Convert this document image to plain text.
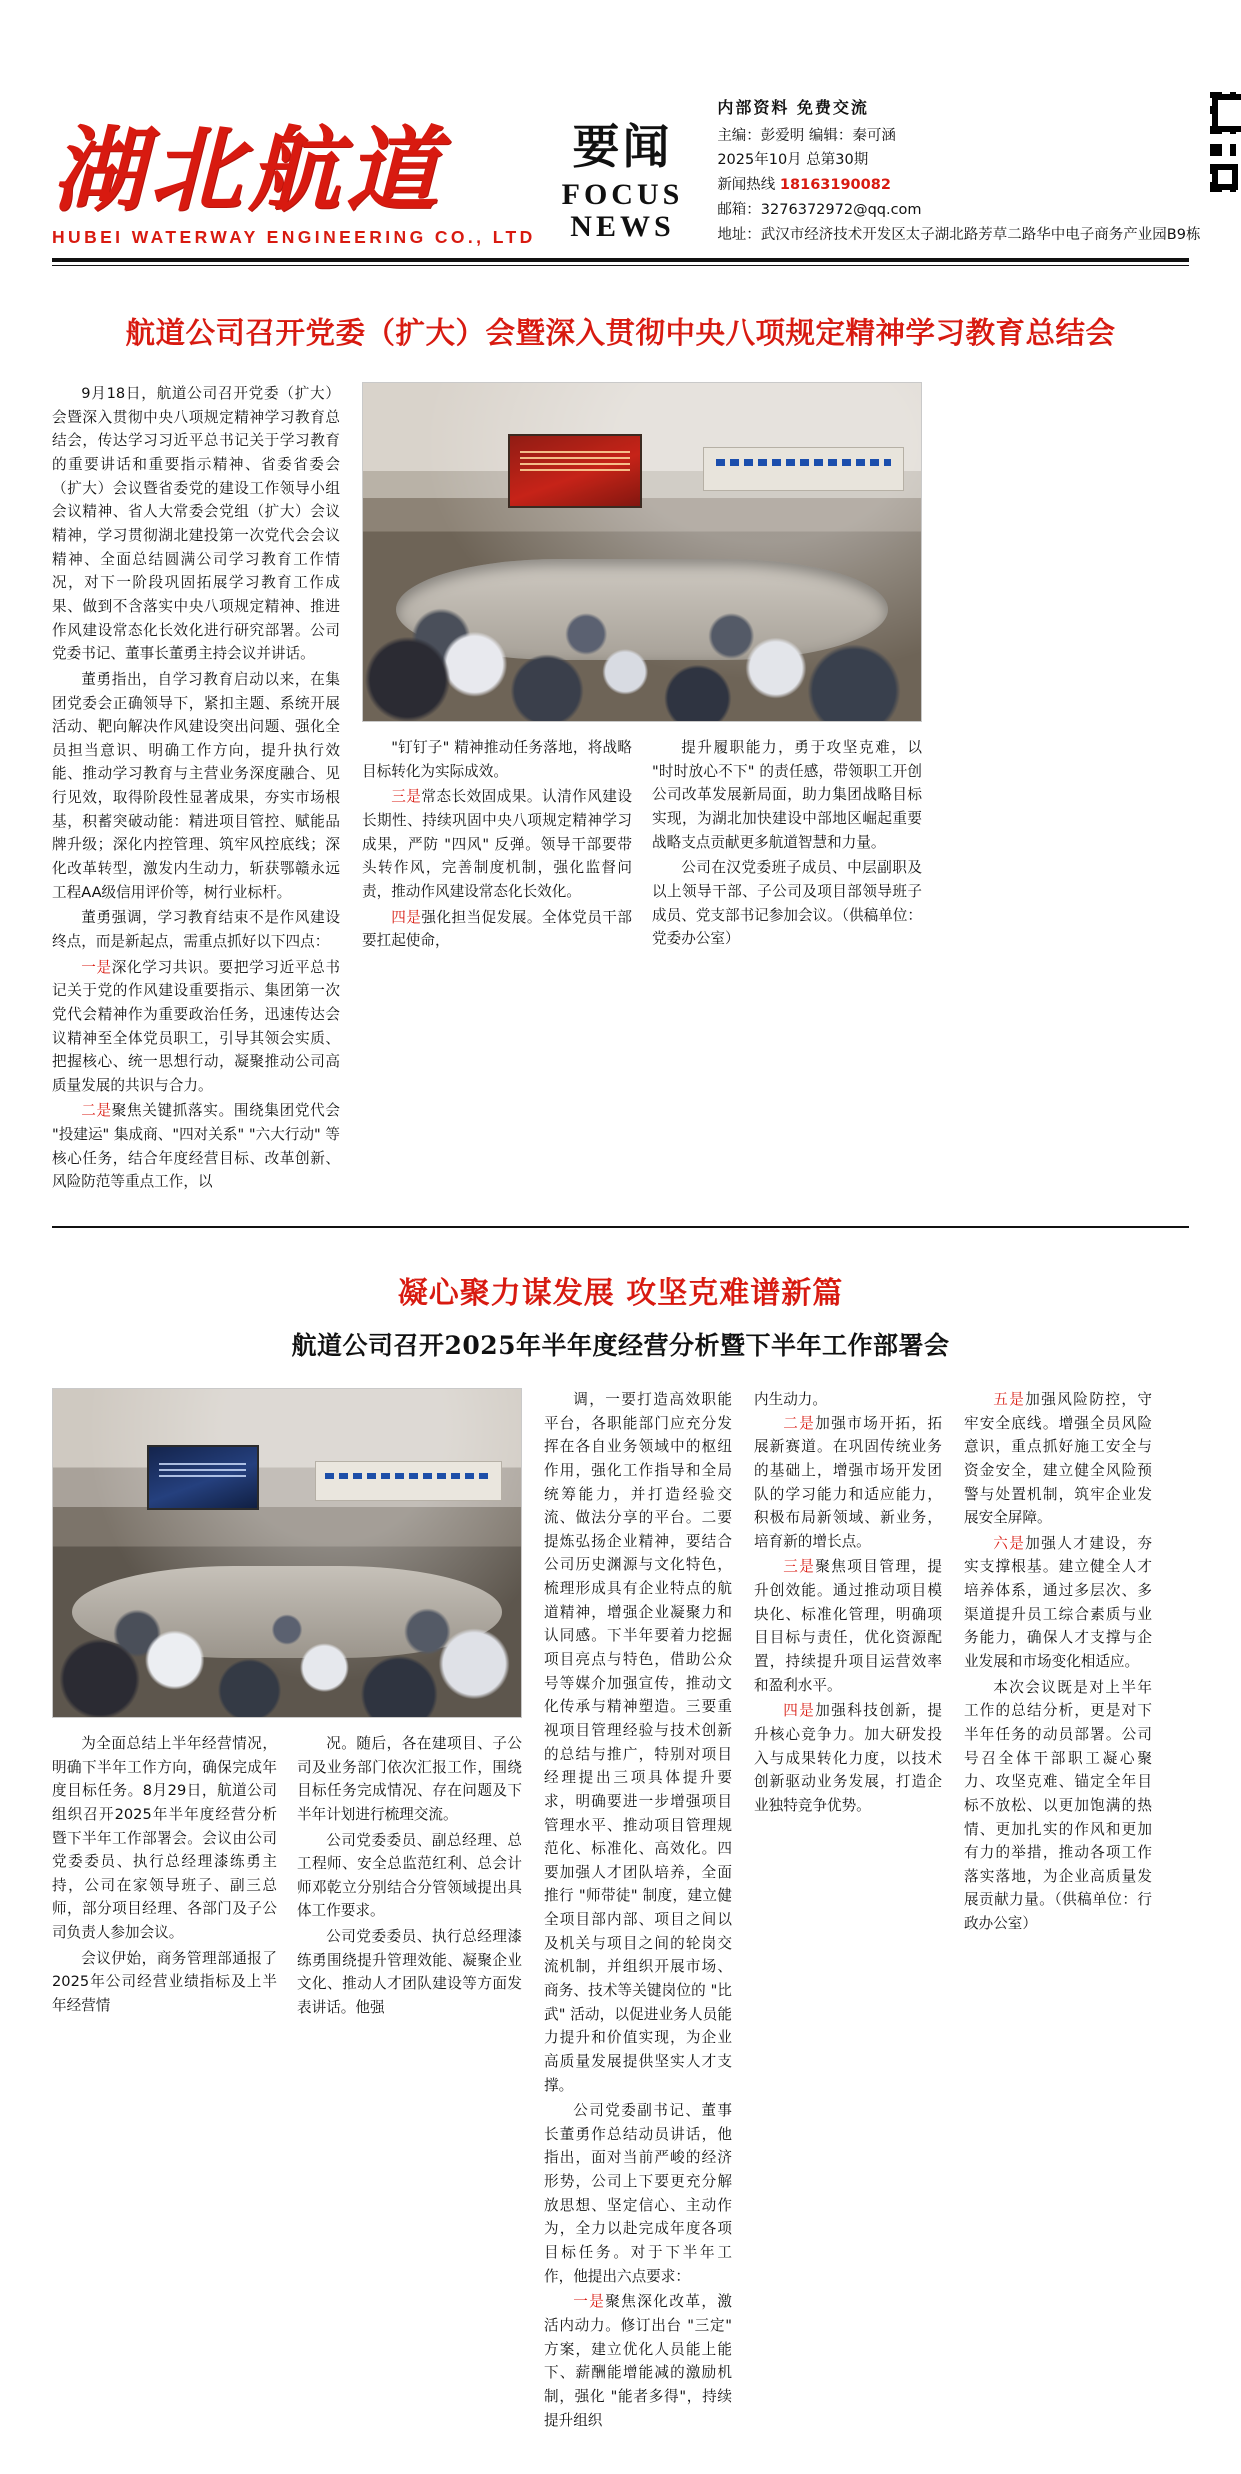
湖北航道
HUBEI WATERWAY ENGINEERING CO., LTD
要闻
FOCUS
NEWS
内部资料 免费交流
主编：彭爱明 编辑：秦可涵
2025年10月 总第30期
新闻热线 18163190082
邮箱：3276372972@qq.com
地址：武汉市经济技术开发区太子湖北路芳草二路华中电子商务产业园B9栋
航道公司召开党委（扩大）会暨深入贯彻中央八项规定精神学习教育总结会

9月18日，航道公司召开党委（扩大）会暨深入贯彻中央八项规定精神学习教育总结会，传达学习习近平总书记关于学习教育的重要讲话和重要指示精神、省委省委会（扩大）会议暨省委党的建设工作领导小组会议精神、省人大常委会党组（扩大）会议精神，学习贯彻湖北建投第一次党代会会议精神、全面总结圆满公司学习教育工作情况，对下一阶段巩固拓展学习教育工作成果、做到不含落实中央八项规定精神、推进作风建设常态化长效化进行研究部署。公司党委书记、董事长董勇主持会议并讲话。

董勇指出，自学习教育启动以来，在集团党委会正确领导下，紧扣主题、系统开展活动、靶向解决作风建设突出问题、强化全员担当意识、明确工作方向，提升执行效能、推动学习教育与主营业务深度融合、见行见效，取得阶段性显著成果，夯实市场根基，积蓄突破动能：精进项目管控、赋能品牌升级；深化内控管理、筑牢风控底线；深化改革转型，激发内生动力，斩获鄂赣永远工程AA级信用评价等，树行业标杆。

董勇强调，学习教育结束不是作风建设终点，而是新起点，需重点抓好以下四点：

一是深化学习共识。要把学习近平总书记关于党的作风建设重要指示、集团第一次党代会精神作为重要政治任务，迅速传达会议精神至全体党员职工，引导其领会实质、把握核心、统一思想行动，凝聚推动公司高质量发展的共识与合力。

二是聚焦关键抓落实。围绕集团党代会 "投建运" 集成商、"四对关系" "六大行动" 等核心任务，结合年度经营目标、改革创新、风险防范等重点工作，以

"钉钉子" 精神推动任务落地，将战略目标转化为实际成效。

三是常态长效固成果。认清作风建设长期性、持续巩固中央八项规定精神学习成果，严防 "四风" 反弹。领导干部要带头转作风，完善制度机制，强化监督问责，推动作风建设常态化长效化。

四是强化担当促发展。全体党员干部要扛起使命，

提升履职能力，勇于攻坚克难，以 "时时放心不下" 的责任感，带领职工开创公司改革发展新局面，助力集团战略目标实现，为湖北加快建设中部地区崛起重要战略支点贡献更多航道智慧和力量。

公司在汉党委班子成员、中层副职及以上领导干部、子公司及项目部领导班子成员、党支部书记参加会议。（供稿单位：党委办公室）

凝心聚力谋发展 攻坚克难谱新篇
航道公司召开2025年半年度经营分析暨下半年工作部署会

为全面总结上半年经营情况，明确下半年工作方向，确保完成年度目标任务。8月29日，航道公司组织召开2025年半年度经营分析暨下半年工作部署会。会议由公司党委委员、执行总经理漆练勇主持，公司在家领导班子、副三总师，部分项目经理、各部门及子公司负责人参加会议。

会议伊始，商务管理部通报了2025年公司经营业绩指标及上半年经营情

况。随后，各在建项目、子公司及业务部门依次汇报工作，围绕目标任务完成情况、存在问题及下半年计划进行梳理交流。

公司党委委员、副总经理、总工程师、安全总监范红利、总会计师邓乾立分别结合分管领域提出具体工作要求。

公司党委委员、执行总经理漆练勇围绕提升管理效能、凝聚企业文化、推动人才团队建设等方面发表讲话。他强

调，一要打造高效职能平台，各职能部门应充分发挥在各自业务领域中的枢纽作用，强化工作指导和全局统筹能力，并打造经验交流、做法分享的平台。二要提炼弘扬企业精神，要结合公司历史渊源与文化特色，梳理形成具有企业特点的航道精神，增强企业凝聚力和认同感。下半年要着力挖掘项目亮点与特色，借助公众号等媒介加强宣传，推动文化传承与精神塑造。三要重视项目管理经验与技术创新的总结与推广，特别对项目经理提出三项具体提升要求，明确要进一步增强项目管理水平、推动项目管理规范化、标准化、高效化。四要加强人才团队培养，全面推行 "师带徒" 制度，建立健全项目部内部、项目之间以及机关与项目之间的轮岗交流机制，并组织开展市场、商务、技术等关键岗位的 "比武" 活动，以促进业务人员能力提升和价值实现，为企业高质量发展提供坚实人才支撑。

公司党委副书记、董事长董勇作总结动员讲话，他指出，面对当前严峻的经济形势，公司上下要更充分解放思想、坚定信心、主动作为，全力以赴完成年度各项目标任务。对于下半年工作，他提出六点要求：

一是聚焦深化改革，激活内动力。修订出台 "三定" 方案，建立优化人员能上能下、薪酬能增能减的激励机制，强化 "能者多得"，持续提升组织

内生动力。

二是加强市场开拓，拓展新赛道。在巩固传统业务的基础上，增强市场开发团队的学习能力和适应能力，积极布局新领域、新业务，培育新的增长点。

三是聚焦项目管理，提升创效能。通过推动项目模块化、标准化管理，明确项目目标与责任，优化资源配置，持续提升项目运营效率和盈利水平。

四是加强科技创新，提升核心竞争力。加大研发投入与成果转化力度，以技术创新驱动业务发展，打造企业独特竞争优势。

五是加强风险防控，守牢安全底线。增强全员风险意识，重点抓好施工安全与资金安全，建立健全风险预警与处置机制，筑牢企业发展安全屏障。

六是加强人才建设，夯实支撑根基。建立健全人才培养体系，通过多层次、多渠道提升员工综合素质与业务能力，确保人才支撑与企业发展和市场变化相适应。

本次会议既是对上半年工作的总结分析，更是对下半年任务的动员部署。公司号召全体干部职工凝心聚力、攻坚克难、锚定全年目标不放松、以更加饱满的热情、更加扎实的作风和更加有力的举措，推动各项工作落实落地，为企业高质量发展贡献力量。（供稿单位：行政办公室）
